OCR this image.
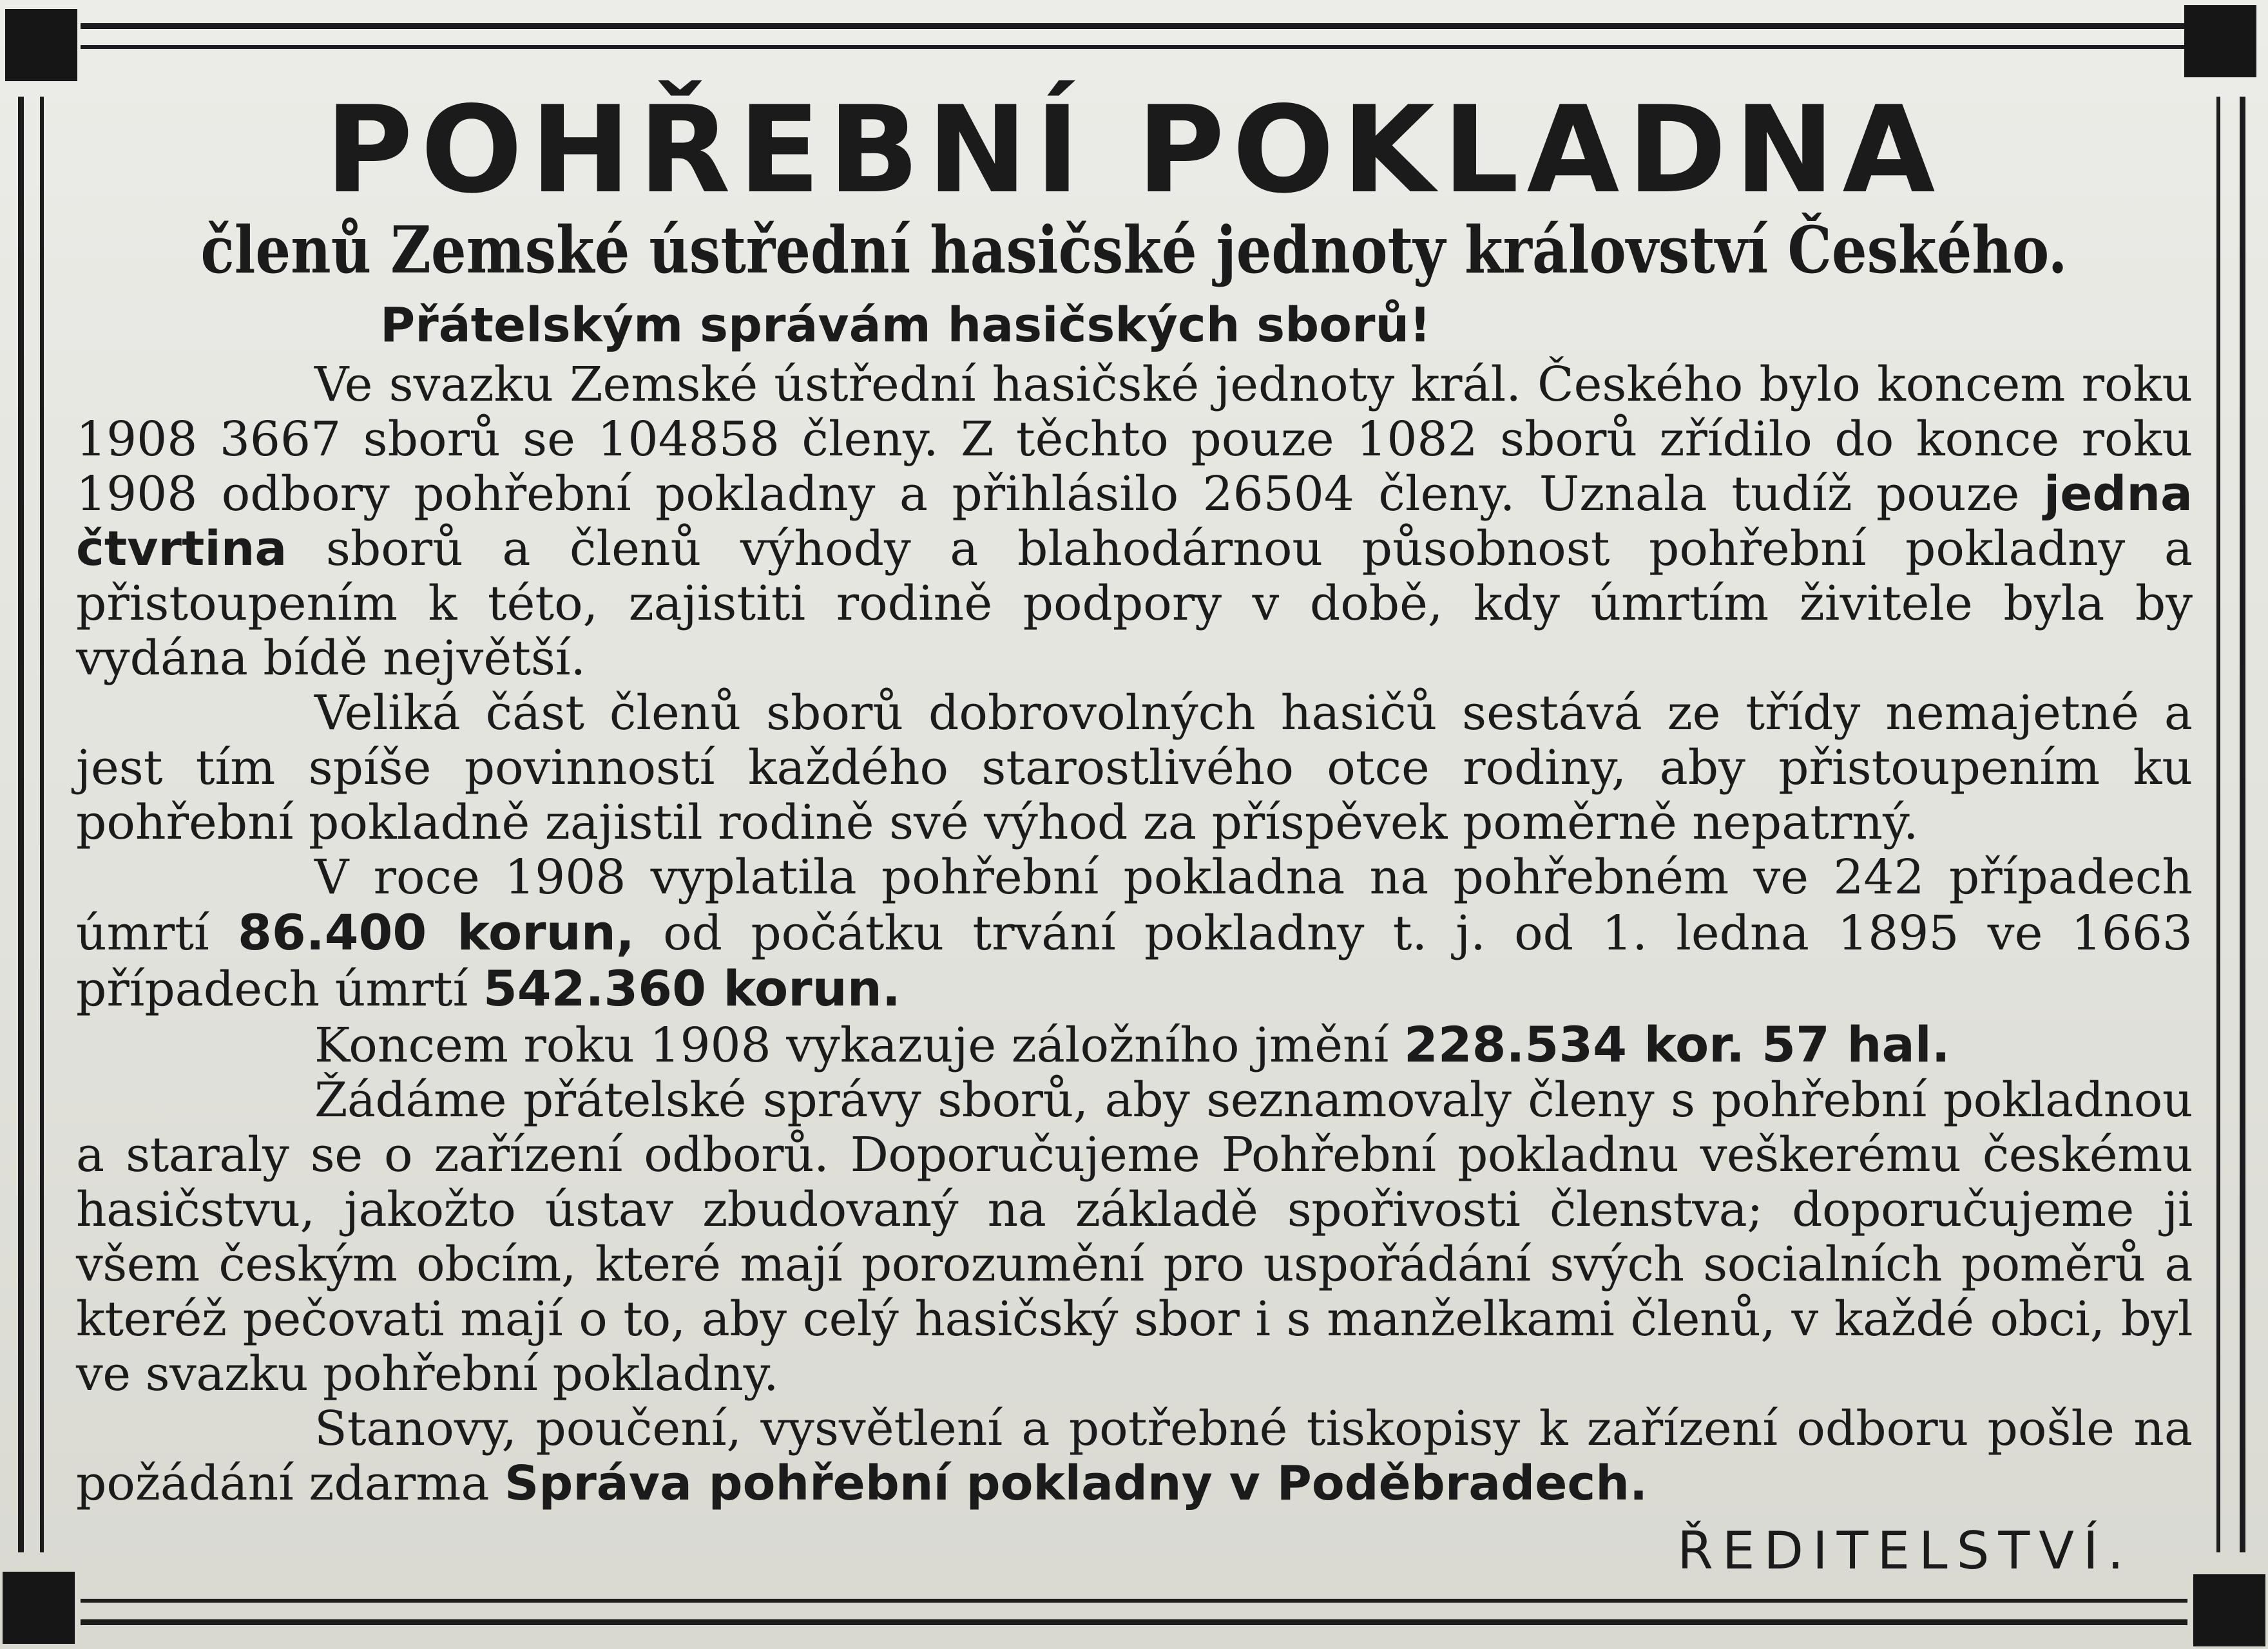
POHŘEBNÍ POKLADNA
členů Zemské ústřední hasičské jednoty království Českého.
Přátelským správám hasičských sborů!

Ve svazku Zemské ústřední hasičské jednoty král. Českého bylo koncem roku 1908 3667 sborů se 104858 členy. Z těchto pouze 1082 sborů zřídilo do konce roku 1908 odbory pohřební pokladny a přihlásilo 26504 členy. Uznala tudíž pouze jedna čtvrtina sborů a členů výhody a blahodárnou působnost pohřební pokladny a přistoupením k této, zajistiti rodině podpory v době, kdy úmrtím živitele byla by vydána bídě největší.

Veliká část členů sborů dobrovolných hasičů sestává ze třídy nemajetné a jest tím spíše povinností každého starostlivého otce rodiny, aby přistoupením ku pohřební pokladně zajistil rodině své výhod za příspěvek poměrně nepatrný.

V roce 1908 vyplatila pohřební pokladna na pohřebném ve 242 případech úmrtí 86.400 korun, od počátku trvání pokladny t. j. od 1. ledna 1895 ve 1663 případech úmrtí 542.360 korun.

Koncem roku 1908 vykazuje záložního jmění 228.534 kor. 57 hal.

Žádáme přátelské správy sborů, aby seznamovaly členy s pohřební pokladnou a staraly se o zařízení odborů. Doporučujeme Pohřební pokladnu veškerému českému hasičstvu, jakožto ústav zbudovaný na základě spořivosti členstva; doporučujeme ji všem českým obcím, které mají porozumění pro uspořádání svých socialních poměrů a kteréž pečovati mají o to, aby celý hasičský sbor i s manželkami členů, v každé obci, byl ve svazku pohřební pokladny.

Stanovy, poučení, vysvětlení a potřebné tiskopisy k zařízení odboru pošle na požádání zdarma Správa pohřební pokladny v Poděbradech.

ŘEDITELSTVÍ.
